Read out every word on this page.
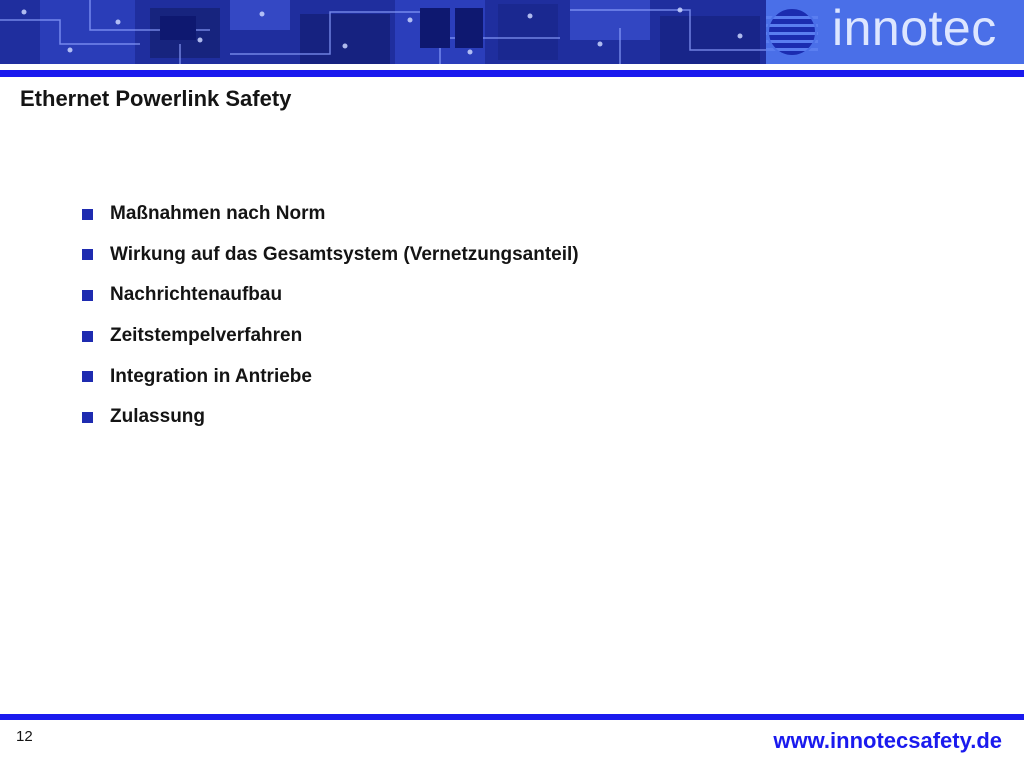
innotec
Ethernet Powerlink Safety
Maßnahmen nach Norm
Wirkung auf das Gesamtsystem (Vernetzungsanteil)
Nachrichtenaufbau
Zeitstempelverfahren
Integration in Antriebe
Zulassung
12	www.innotecsafety.de
